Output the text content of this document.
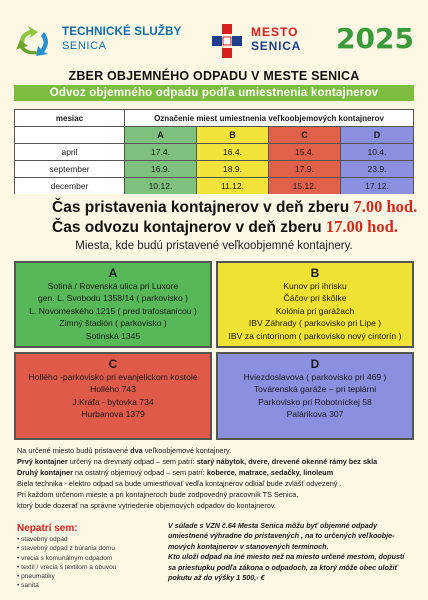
TECHNICKÉ SLUŽBY
SENICA
MESTO
SENICA 2025
ZBER OBJEMNÉHO ODPADU V MESTE SENICA
Odvoz objemného odpadu podľa umiestnenia kontajnerov
mesiac	Označenie miest umiestnenia veľkoobjemových kontajnerov
A	B	C	D
april	17.4.	16.4.	15.4.	10.4.
september	16.9.	18.9.	17.9.	23.9.
december	10.12.	11.12.	15.12.	17.12.
Čas pristavenia kontajnerov v deň zberu 7.00 hod.
Čas odvozu kontajnerov v deň zberu 17.00 hod.
Miesta, kde budú pristavené veľkoobjemné kontajnery.
A
Sotiná / Rovenská ulica pri Luxore
gen. L. Svobodu 1358/14 ( parkovisko )
L. Novomeského 1215 ( pred trafostanicou )
Zimný štadión ( parkovisko )
Sotinská 1345
B
Kunov pri ihrisku
Čáčov pri škôlke
Kolónia pri garážach
IBV Záhrady ( parkovisko pri Lipe )
IBV za cintorínom ( parkovisko nový cintorín )
C
Hollého -parkovisko pri evanjelickom kostole
Hollého 743
J.Kráľa - bytovka 734
Hurbanova 1379
D
Hviezdoslavova ( parkovisko pri 469 )
Továrenská garáže – pri teplárni
Parkovisko pri Robotníckej 58
Palárikova 307
Na určené miesto budú pristavené dva veľkoobjemové kontajnery.
Prvý kontajner určený na drevnatý odpad – sem patrí: starý nábytok, dvere, drevené okenné rámy bez skla
Druhý kontajner na ostatný objemový odpad – sem patrí: koberce, matrace, sedačky, linoleum
Biela technika - elektro odpad sa bude umiestňovať vedľa kontajnerov odkiaľ bude zvlášť odvezený .
Pri každom určenom mieste a pri kontajneroch bude zodpovedný pracovník TS Senica,
ktorý bude dozerať na správne vytriedenie objemových odpadov do kontajnerov.
Nepatrí sem:
• stavebný odpad
• stavebný odpad z búrania domu
• vrecia s komunálnym odpadom
• textil / vrecia s textilom a obuvou
• pneumatiky
• sanita
V súlade s VZN č.64 Mesta Senica môžu byť objemné odpady
umiestnené výhradne do pristavených , na to určených veľkoobje-
mových kontajnerov v stanovených termínoch.
Kto uloží odpad na iné miesto než na miesto určené mestom, dopustí
sa priestupku podľa zákona o odpadoch, za ktorý môže obec uložiť
pokutu až do výšky 1 500,- €
